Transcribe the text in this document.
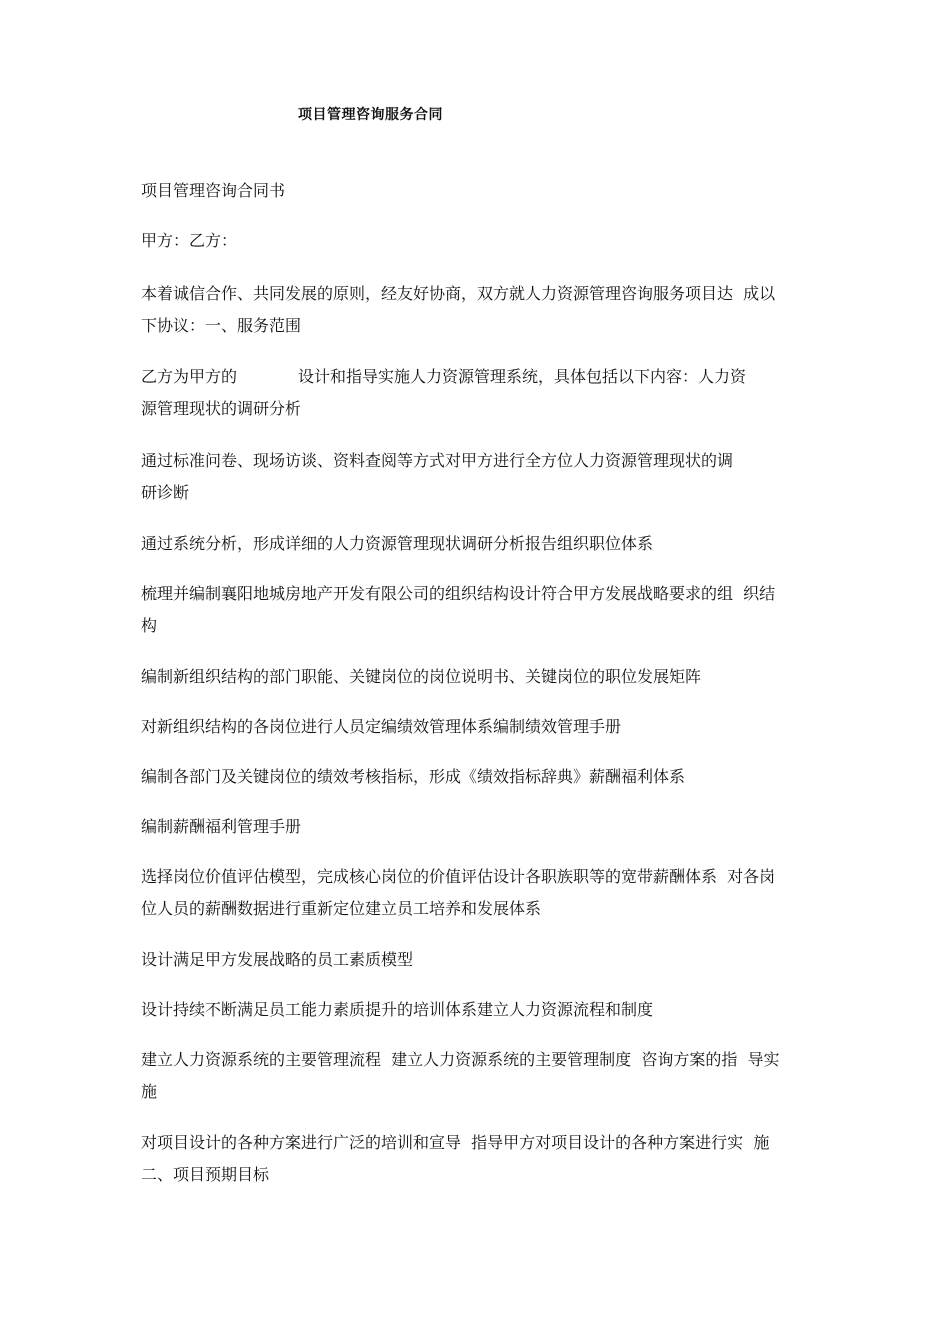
项目管理咨询服务合同
项目管理咨询合同书
甲方：乙方：
本着诚信合作、共同发展的原则，经友好协商，双方就人力资源管理咨询服务项目达  成以
下协议：一、服务范围
乙方为甲方的            设计和指导实施人力资源管理系统，具体包括以下内容：人力资
源管理现状的调研分析
通过标准问卷、现场访谈、资料查阅等方式对甲方进行全方位人力资源管理现状的调
研诊断
通过系统分析，形成详细的人力资源管理现状调研分析报告组织职位体系
梳理并编制襄阳地城房地产开发有限公司的组织结构设计符合甲方发展战略要求的组  织结
构
编制新组织结构的部门职能、关键岗位的岗位说明书、关键岗位的职位发展矩阵
对新组织结构的各岗位进行人员定编绩效管理体系编制绩效管理手册
编制各部门及关键岗位的绩效考核指标，形成《绩效指标辞典》薪酬福利体系
编制薪酬福利管理手册
选择岗位价值评估模型，完成核心岗位的价值评估设计各职族职等的宽带薪酬体系  对各岗
位人员的薪酬数据进行重新定位建立员工培养和发展体系
设计满足甲方发展战略的员工素质模型
设计持续不断满足员工能力素质提升的培训体系建立人力资源流程和制度
建立人力资源系统的主要管理流程  建立人力资源系统的主要管理制度  咨询方案的指  导实
施
对项目设计的各种方案进行广泛的培训和宣导  指导甲方对项目设计的各种方案进行实  施
二、项目预期目标
